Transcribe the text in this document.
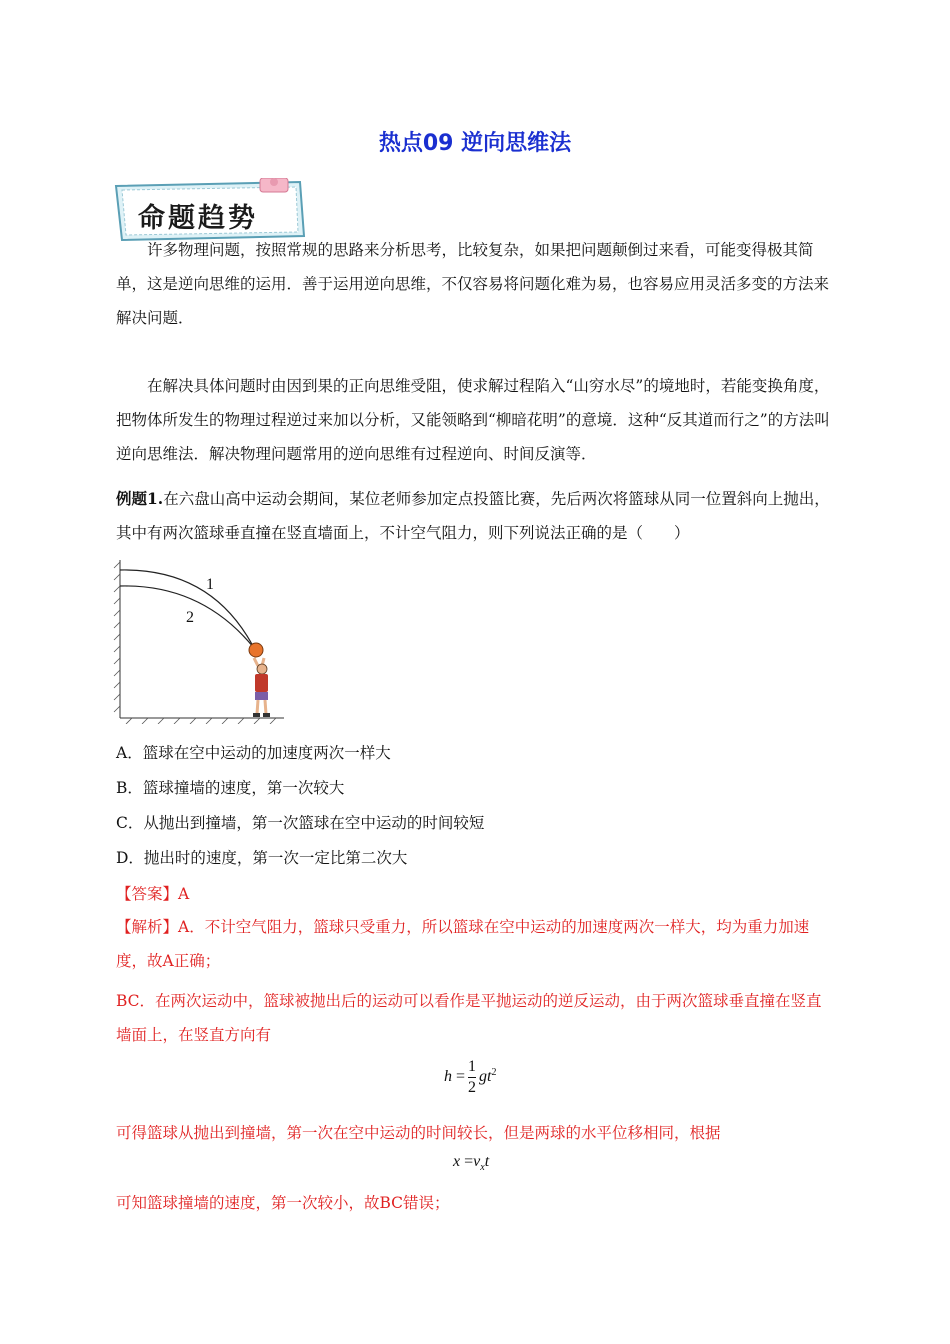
热点09 逆向思维法
命题趋势
许多物理问题，按照常规的思路来分析思考，比较复杂，如果把问题颠倒过来看，可能变得极其简单，这是逆向思维的运用．善于运用逆向思维，不仅容易将问题化难为易，也容易应用灵活多变的方法来解决问题．
在解决具体问题时由因到果的正向思维受阻，使求解过程陷入“山穷水尽”的境地时，若能变换角度，把物体所发生的物理过程逆过来加以分析，又能领略到“柳暗花明”的意境．这种“反其道而行之”的方法叫逆向思维法．解决物理问题常用的逆向思维有过程逆向、时间反演等．
例题1.在六盘山高中运动会期间，某位老师参加定点投篮比赛，先后两次将篮球从同一位置斜向上抛出，其中有两次篮球垂直撞在竖直墙面上，不计空气阻力，则下列说法正确的是（　　）
1
2
A．篮球在空中运动的加速度两次一样大
B．篮球撞墙的速度，第一次较大
C．从抛出到撞墙，第一次篮球在空中运动的时间较短
D．抛出时的速度，第一次一定比第二次大
【答案】A
【解析】A．不计空气阻力，篮球只受重力，所以篮球在空中运动的加速度两次一样大，均为重力加速度，故A正确；
BC．在两次运动中，篮球被抛出后的运动可以看作是平抛运动的逆反运动，由于两次篮球垂直撞在竖直墙面上，在竖直方向有
$h = \frac{1}{2} gt^2$
可得篮球从抛出到撞墙，第一次在空中运动的时间较长，但是两球的水平位移相同，根据
$x =v_xt$
可知篮球撞墙的速度，第一次较小，故BC错误；
